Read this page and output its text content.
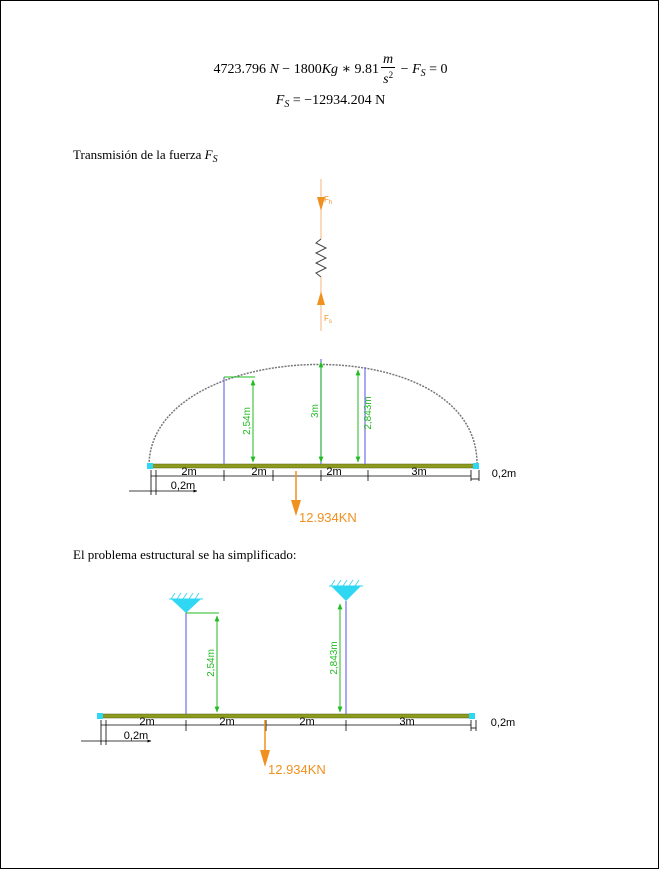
4723.796 N − 1800Kg ∗ $9.81 \frac{m}{s^2} - F_S = 0$
$F_S = -12934.204$ N
Transmisión de la fuerza $F_S$
El problema estructural se ha simplificado:
$F_h$
$F_s$
2,54m	3m	2,843m
2m	2m	2m	3m
0,2m
0,2m
12.934KN
2,54m	2,843m
2m	2m	2m	3m
0,2m
0,2m
12.934KN
